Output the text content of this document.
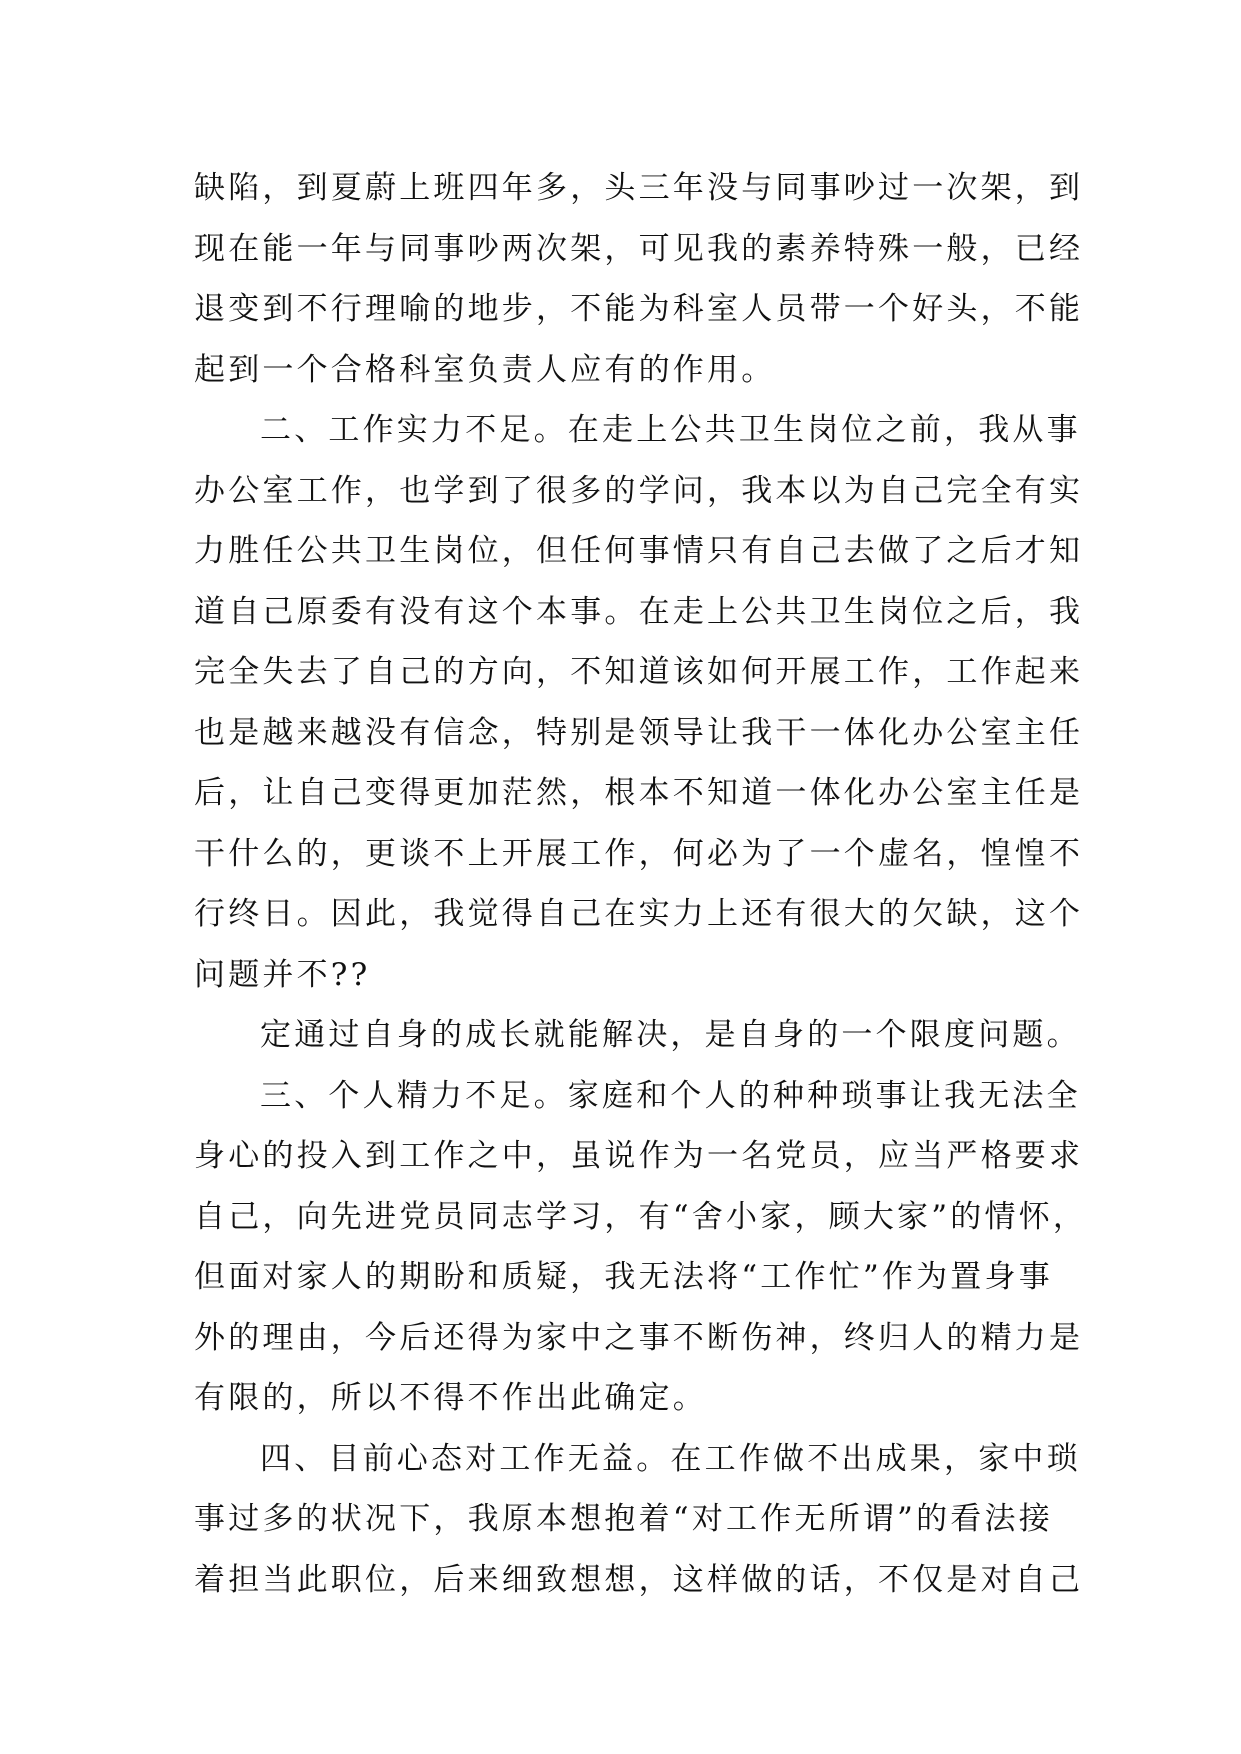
缺陷，到夏蔚上班四年多，头三年没与同事吵过一次架，到
现在能一年与同事吵两次架，可见我的素养特殊一般，已经
退变到不行理喻的地步，不能为科室人员带一个好头，不能
起到一个合格科室负责人应有的作用。
二、工作实力不足。在走上公共卫生岗位之前，我从事
办公室工作，也学到了很多的学问，我本以为自己完全有实
力胜任公共卫生岗位，但任何事情只有自己去做了之后才知
道自己原委有没有这个本事。在走上公共卫生岗位之后，我
完全失去了自己的方向，不知道该如何开展工作，工作起来
也是越来越没有信念，特别是领导让我干一体化办公室主任
后，让自己变得更加茫然，根本不知道一体化办公室主任是
干什么的，更谈不上开展工作，何必为了一个虚名，惶惶不
行终日。因此，我觉得自己在实力上还有很大的欠缺，这个
问题并不??
定通过自身的成长就能解决，是自身的一个限度问题。
三、个人精力不足。家庭和个人的种种琐事让我无法全
身心的投入到工作之中，虽说作为一名党员，应当严格要求
自己，向先进党员同志学习，有“舍小家，顾大家”的情怀，
但面对家人的期盼和质疑，我无法将“工作忙”作为置身事
外的理由，今后还得为家中之事不断伤神，终归人的精力是
有限的，所以不得不作出此确定。
四、目前心态对工作无益。在工作做不出成果，家中琐
事过多的状况下，我原本想抱着“对工作无所谓”的看法接
着担当此职位，后来细致想想，这样做的话，不仅是对自己
